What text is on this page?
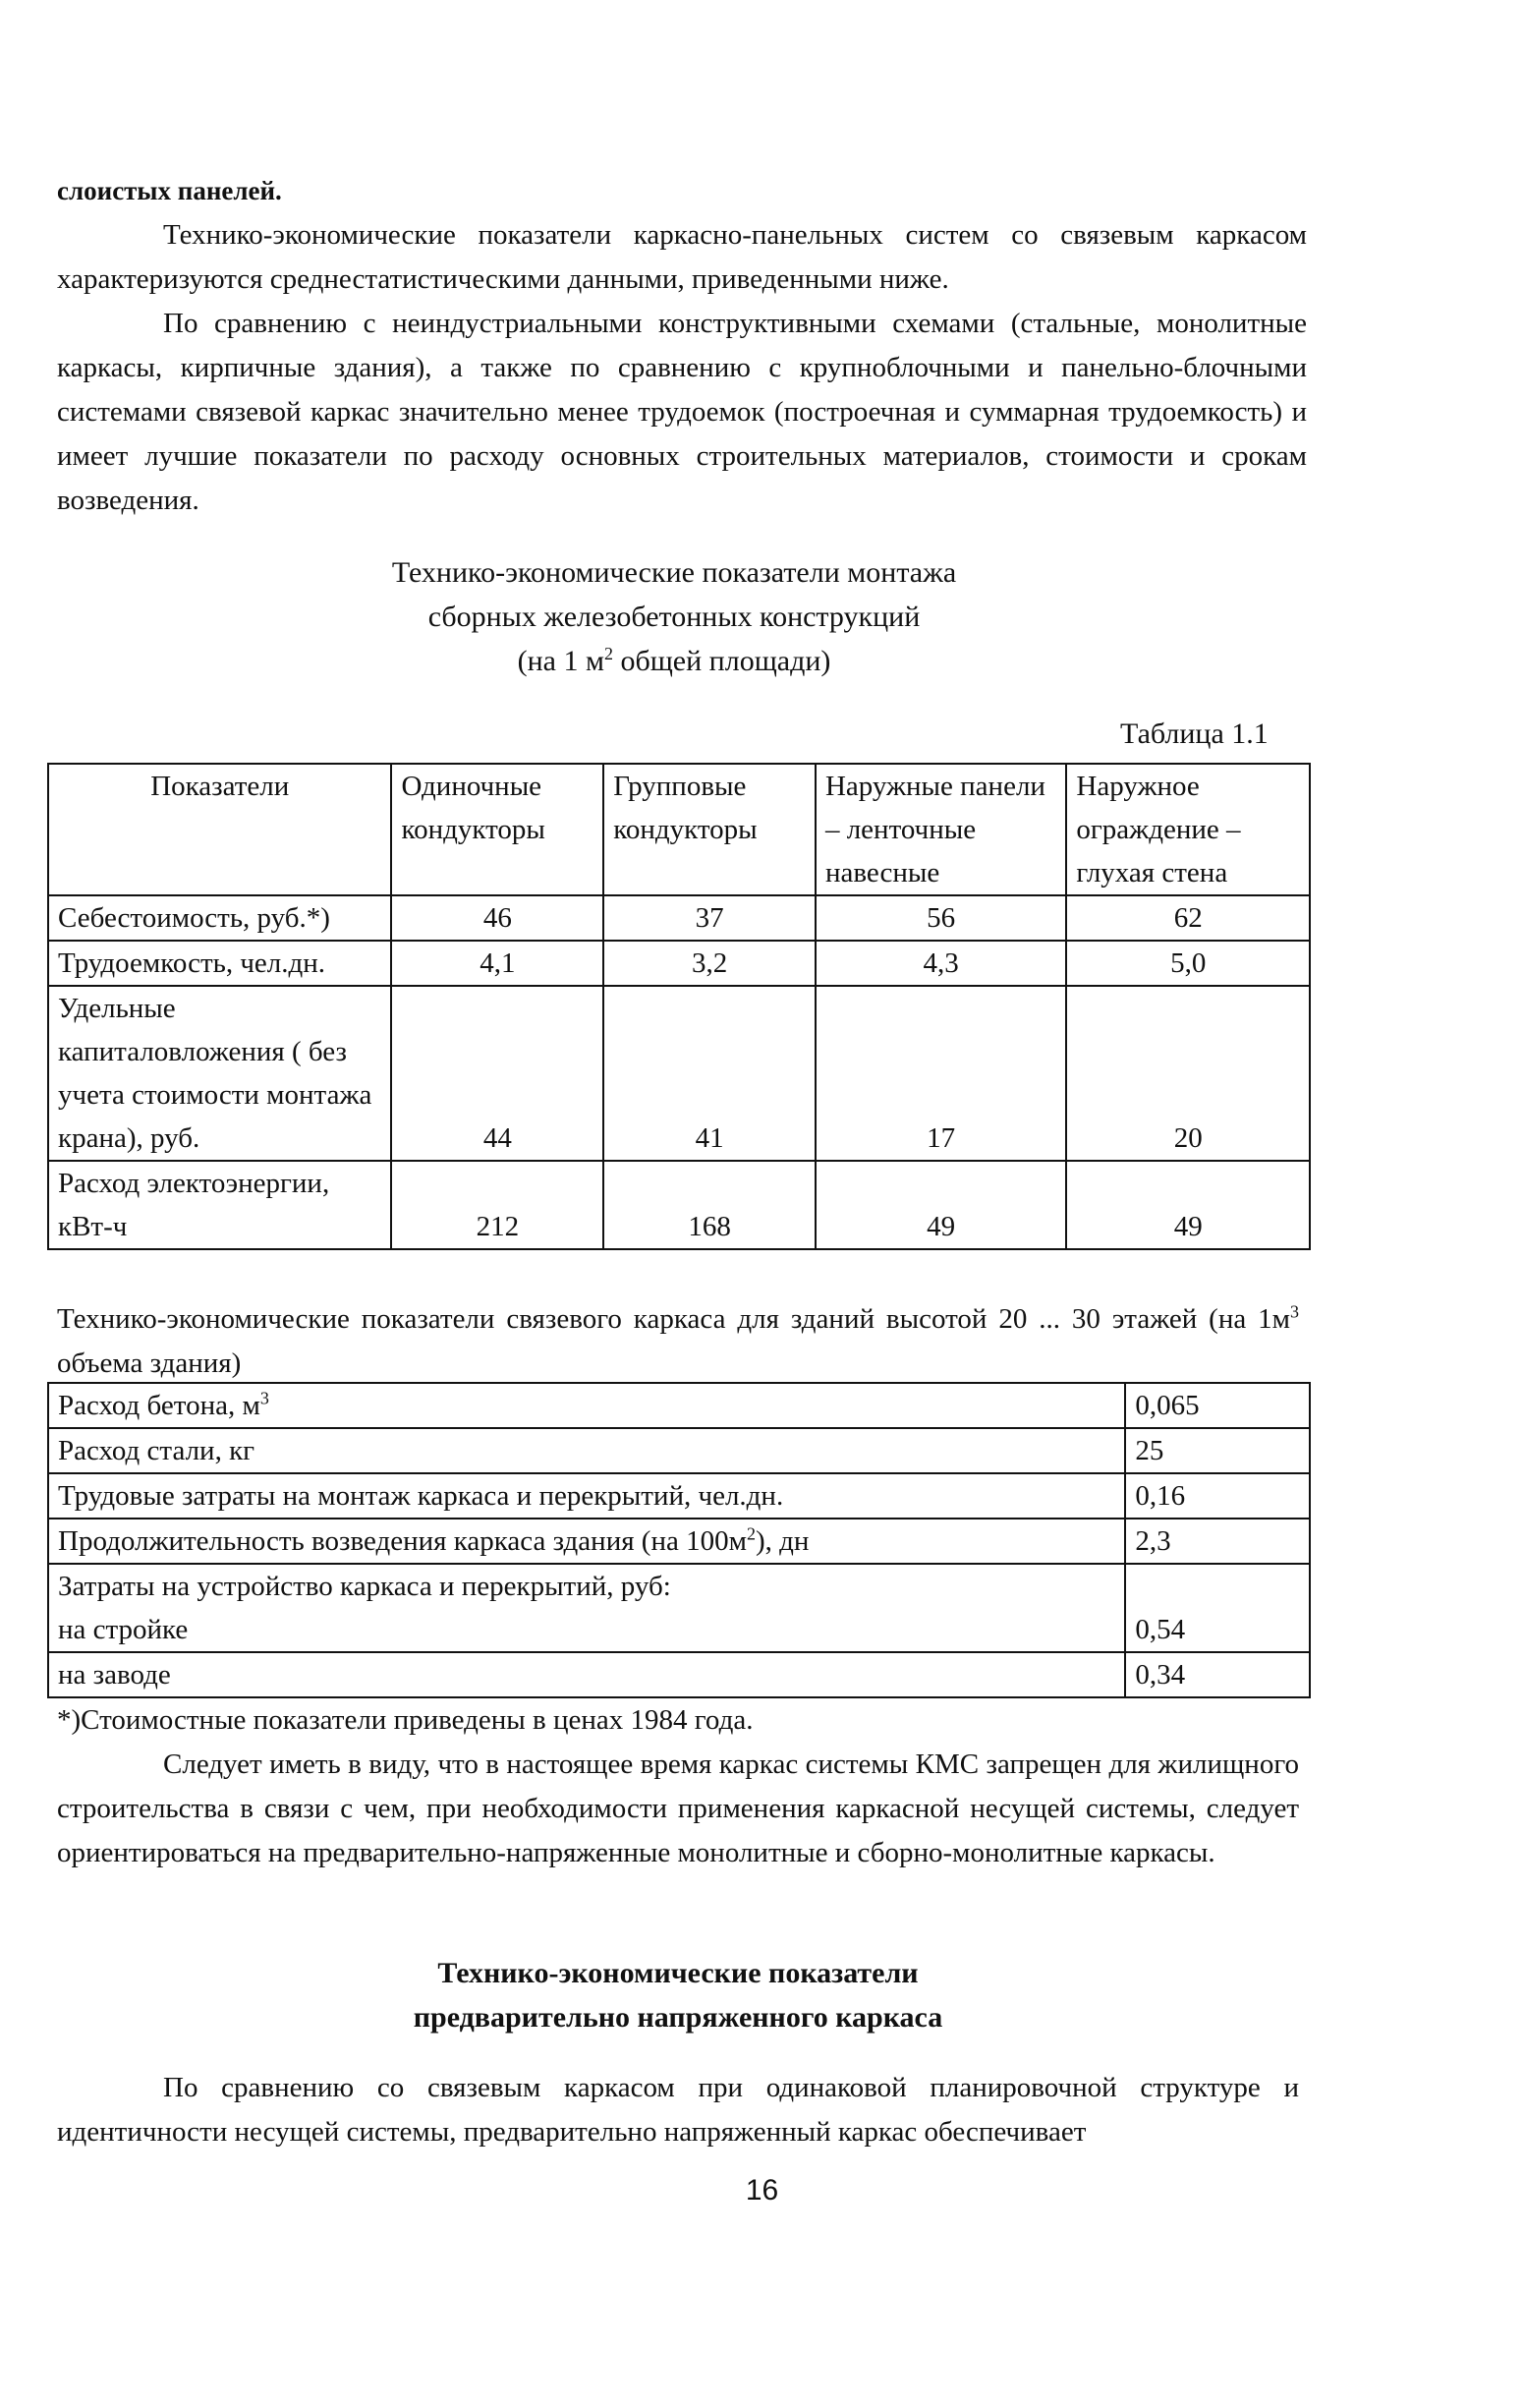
слоистых панелей.

Технико-экономические показатели каркасно-панельных систем со связевым каркасом характеризуются среднестатистическими данными, приведенными ниже.

По сравнению с неиндустриальными конструктивными схемами (стальные, монолитные каркасы, кирпичные здания), а также по сравнению с крупноблочными и панельно-блочными системами связевой каркас значительно менее трудоемок (построечная и суммарная трудоемкость) и имеет лучшие показатели по расходу основных строительных материалов, стоимости и срокам возведения.

Технико-экономические показатели монтажа

сборных железобетонных конструкций

(на 1 $м^2$ общей площади)

Таблица 1.1
Показатели	Одиночные кондукторы	Групповые кондукторы	Наружные панели – ленточные навесные	Наружное ограждение – глухая стена
Себестоимость, руб.*)	46	37	56	62
Трудоемкость, чел.дн.	4,1	3,2	4,3	5,0
Удельные капиталовложения ( без учета стоимости монтажа крана), руб.	44	41	17	20
Расход электоэнергии, кВт-ч	212	168	49	49

Технико-экономические показатели связевого каркаса для зданий высотой 20 ... 30 этажей (на $1м^3$ объема здания)

Расход бетона, $м^3$	0,065
Расход стали, кг	25
Трудовые затраты на монтаж каркаса и перекрытий, чел.дн.	0,16
Продолжительность возведения каркаса здания (на $100м^2$), дн	2,3

Затраты на устройство каркаса и перекрытий, руб:
на стройке	0,54
на заводе	0,34

*)Стоимостные показатели приведены в ценах 1984 года.

Следует иметь в виду, что в настоящее время каркас системы КМС запрещен для жилищного строительства в связи с чем, при необходимости применения каркасной несущей системы, следует ориентироваться на предварительно-напряженные монолитные и сборно-монолитные каркасы.

Технико-экономические показатели

предварительно напряженного каркаса

По сравнению со связевым каркасом при одинаковой планировочной структуре и идентичности несущей системы, предварительно напряженный каркас обеспечивает

16
